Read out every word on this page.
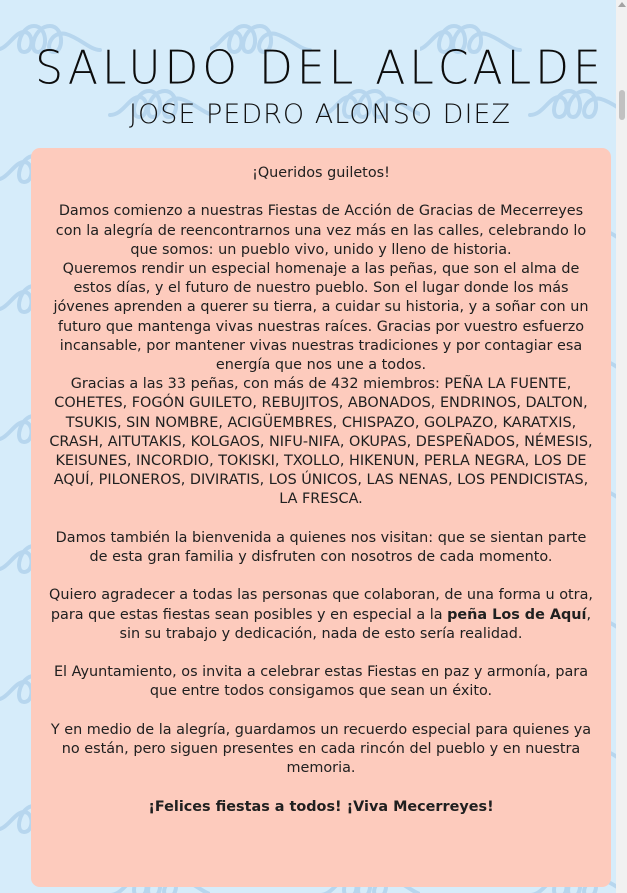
SALUDO DEL ALCALDE
JOSE PEDRO ALONSO DIEZ

¡Queridos guiletos!

Damos comienzo a nuestras Fiestas de Acción de Gracias de Mecerreyes con la alegría de reencontrarnos una vez más en las calles, celebrando lo que somos: un pueblo vivo, unido y lleno de historia.

Queremos rendir un especial homenaje a las peñas, que son el alma de estos días, y el futuro de nuestro pueblo. Son el lugar donde los más jóvenes aprenden a querer su tierra, a cuidar su historia, y a soñar con un futuro que mantenga vivas nuestras raíces. Gracias por vuestro esfuerzo incansable, por mantener vivas nuestras tradiciones y por contagiar esa energía que nos une a todos.

Gracias a las 33 peñas, con más de 432 miembros: PEÑA LA FUENTE, COHETES, FOGÓN GUILETO, REBUJITOS, ABONADOS, ENDRINOS, DALTON, TSUKIS, SIN NOMBRE, ACIGÜEMBRES, CHISPAZO, GOLPAZO, KARATXIS, CRASH, AITUTAKIS, KOLGAOS, NIFU-NIFA, OKUPAS, DESPEÑADOS, NÉMESIS, KEISUNES, INCORDIO, TOKISKI, TXOLLO, HIKENUN, PERLA NEGRA, LOS DE AQUÍ, PILONEROS, DIVIRATIS, LOS ÚNICOS, LAS NENAS, LOS PENDICISTAS, LA FRESCA.

Damos también la bienvenida a quienes nos visitan: que se sientan parte de esta gran familia y disfruten con nosotros de cada momento.

Quiero agradecer a todas las personas que colaboran, de una forma u otra, para que estas fiestas sean posibles y en especial a la peña Los de Aquí, sin su trabajo y dedicación, nada de esto sería realidad.

El Ayuntamiento, os invita a celebrar estas Fiestas en paz y armonía, para que entre todos consigamos que sean un éxito.

Y en medio de la alegría, guardamos un recuerdo especial para quienes ya no están, pero siguen presentes en cada rincón del pueblo y en nuestra memoria.

¡Felices fiestas a todos! ¡Viva Mecerreyes!
